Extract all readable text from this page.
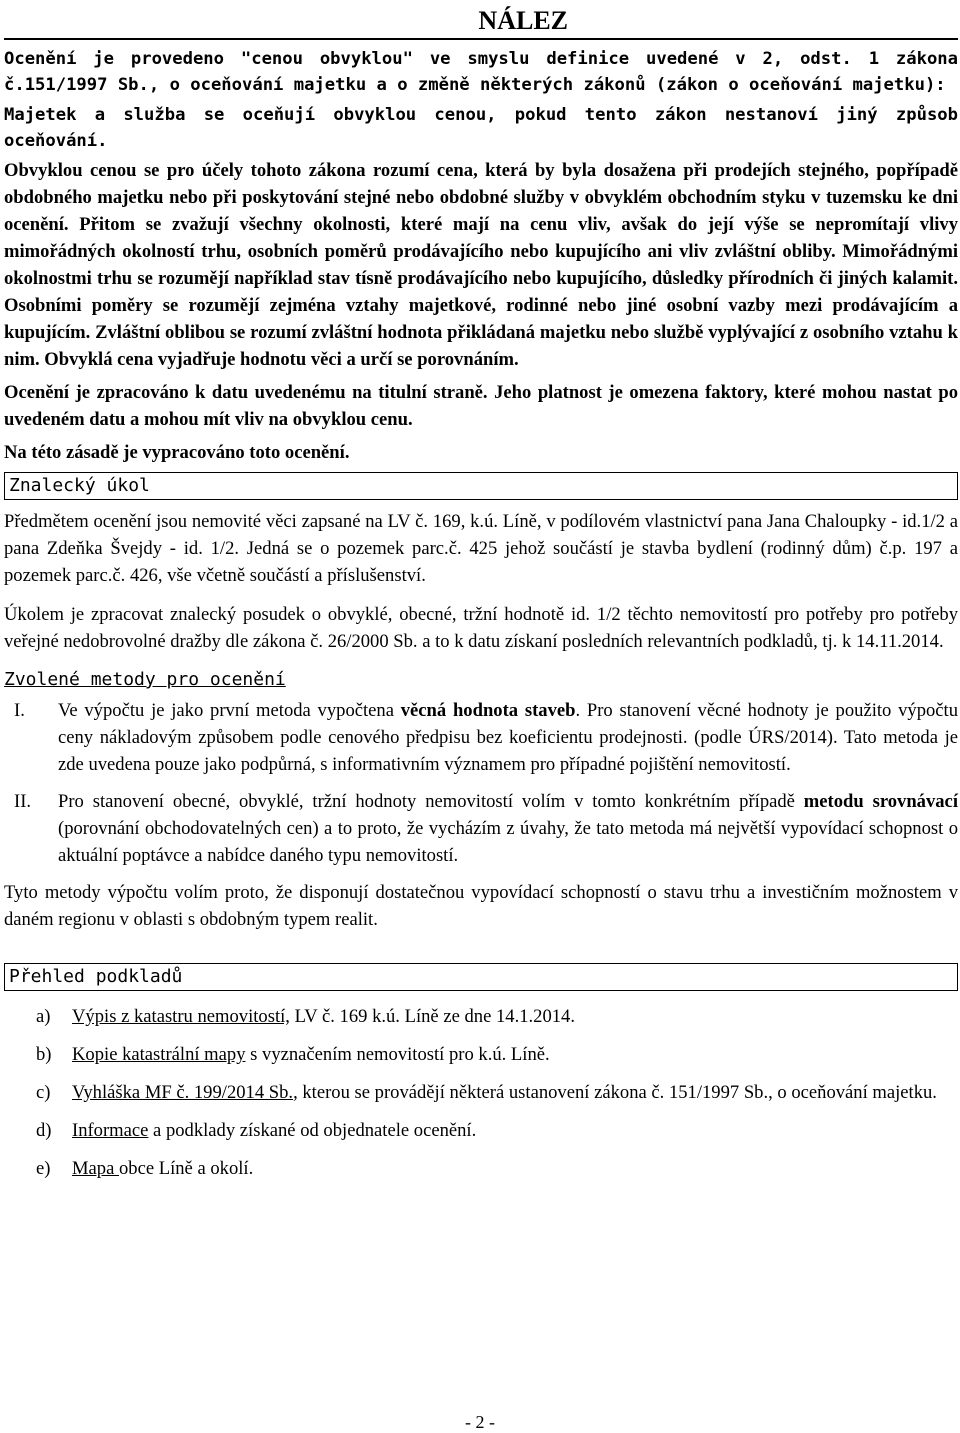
NÁLEZ

Ocenění je provedeno "cenou obvyklou" ve smyslu definice uvedené v 2, odst. 1 zákona č.151/1997 Sb., o oceňování majetku a o změně některých zákonů (zákon o oceňování majetku):

Majetek a služba se oceňují obvyklou cenou, pokud tento zákon nestanoví jiný způsob oceňování.

Obvyklou cenou se pro účely tohoto zákona rozumí cena, která by byla dosažena při prodejích stejného, popřípadě obdobného majetku nebo při poskytování stejné nebo obdobné služby v obvyklém obchodním styku v tuzemsku ke dni ocenění. Přitom se zvažují všechny okolnosti, které mají na cenu vliv, avšak do její výše se nepromítají vlivy mimořádných okolností trhu, osobních poměrů prodávajícího nebo kupujícího ani vliv zvláštní obliby. Mimořádnými okolnostmi trhu se rozumějí například stav tísně prodávajícího nebo kupujícího, důsledky přírodních či jiných kalamit. Osobními poměry se rozumějí zejména vztahy majetkové, rodinné nebo jiné osobní vazby mezi prodávajícím a kupujícím. Zvláštní oblibou se rozumí zvláštní hodnota přikládaná majetku nebo službě vyplývající z osobního vztahu k nim. Obvyklá cena vyjadřuje hodnotu věci a určí se porovnáním.

Ocenění je zpracováno k datu uvedenému na titulní straně. Jeho platnost je omezena faktory, které mohou nastat po uvedeném datu a mohou mít vliv na obvyklou cenu.

Na této zásadě je vypracováno toto ocenění.

Znalecký úkol

Předmětem ocenění jsou nemovité věci zapsané na LV č. 169, k.ú. Líně, v podílovém vlastnictví pana Jana Chaloupky - id.1/2 a pana Zdeňka Švejdy - id. 1/2. Jedná se o pozemek parc.č. 425 jehož součástí je stavba bydlení (rodinný dům) č.p. 197 a pozemek parc.č. 426, vše včetně součástí a příslušenství.

Úkolem je zpracovat znalecký posudek o obvyklé, obecné, tržní hodnotě id. 1/2 těchto nemovitostí pro potřeby pro potřeby veřejné nedobrovolné dražby dle zákona č. 26/2000 Sb. a to k datu získaní posledních relevantních podkladů, tj. k 14.11.2014.

Zvolené metody pro ocenění

I.	Ve výpočtu je jako první metoda vypočtena věcná hodnota staveb. Pro stanovení věcné hodnoty je použito výpočtu ceny nákladovým způsobem podle cenového předpisu bez koeficientu prodejnosti. (podle ÚRS/2014). Tato metoda je zde uvedena pouze jako podpůrná, s informativním významem pro případné pojištění nemovitostí.
II.	Pro stanovení obecné, obvyklé, tržní hodnoty nemovitostí volím v tomto konkrétním případě metodu srovnávací (porovnání obchodovatelných cen) a to proto, že vycházím z úvahy, že tato metoda má největší vypovídací schopnost o aktuální poptávce a nabídce daného typu nemovitostí.

Tyto metody výpočtu volím proto, že disponují dostatečnou vypovídací schopností o stavu trhu a investičním možnostem v daném regionu v oblasti s obdobným typem realit.

Přehled podkladů
a)	Výpis z katastru nemovitostí, LV č. 169 k.ú. Líně ze dne 14.1.2014.
b)	Kopie katastrální mapy s vyznačením nemovitostí pro k.ú. Líně.
c)	Vyhláška MF č. 199/2014 Sb., kterou se provádějí některá ustanovení zákona č. 151/1997 Sb., o oceňování majetku.
d)	Informace a podklady získané od objednatele ocenění.
e)	Mapa obce Líně a okolí.
- 2 -
